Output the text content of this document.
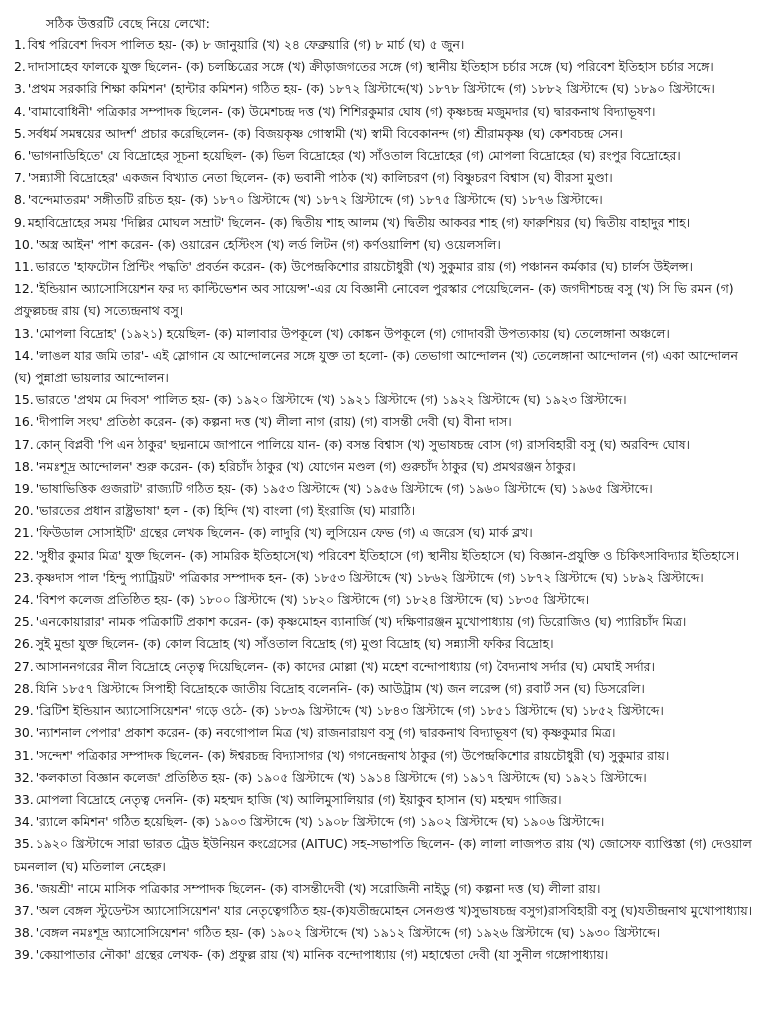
সঠিক উত্তরটি বেছে নিয়ে লেখো:
1. বিশ্ব পরিবেশ দিবস পালিত হয়- (ক) ৮ জানুয়ারি (খ) ২৪ ফেব্রুয়ারি (গ) ৮ মার্চ (ঘ) ৫ জুন।
2. দাদাসাহেব ফালকে যুক্ত ছিলেন- (ক) চলচ্চিত্রের সঙ্গে (খ) ক্রীড়াজগতের সঙ্গে (গ) স্থানীয় ইতিহাস চর্চার সঙ্গে (ঘ) পরিবেশ ইতিহাস চর্চার সঙ্গে।
3. 'প্রথম সরকারি শিক্ষা কমিশন' (হান্টার কমিশন) গঠিত হয়- (ক) ১৮৭২ খ্রিস্টাব্দে(খ) ১৮৭৮ খ্রিস্টাব্দে (গ) ১৮৮২ খ্রিস্টাব্দে (ঘ) ১৮৯০ খ্রিস্টাব্দে।
4. 'বামাবোধিনী' পত্রিকার সম্পাদক ছিলেন- (ক) উমেশচন্দ্র দত্ত (খ) শিশিরকুমার ঘোষ (গ) কৃষ্ণচন্দ্র মজুমদার (ঘ) দ্বারকনাথ বিদ্যাভূষণ।
5. সর্বধর্ম সমন্বয়ের আদর্শ' প্রচার করেছিলেন- (ক) বিজয়কৃষ্ণ গোস্বামী (খ) স্বামী বিবেকানন্দ (গ) শ্রীরামকৃষ্ণ (ঘ) কেশবচন্দ্র সেন।
6. 'ভাগনাডিহিতে' যে বিদ্রোহের সূচনা হয়েছিল- (ক) ভিল বিদ্রোহের (খ) সাঁওতাল বিদ্রোহের (গ) মোপলা বিদ্রোহের (ঘ) রংপুর বিদ্রোহের।
7. 'সন্ন্যাসী বিদ্রোহের' একজন বিখ্যাত নেতা ছিলেন- (ক) ভবানী পাঠক (খ) কালিচরণ (গ) বিষ্ণুচরণ বিশ্বাস (ঘ) বীরসা মুণ্ডা।
8. 'বন্দেমাতরম' সঙ্গীতটি রচিত হয়- (ক) ১৮৭০ খ্রিস্টাব্দে (খ) ১৮৭২ খ্রিস্টাব্দে (গ) ১৮৭৫ খ্রিস্টাব্দে (ঘ) ১৮৭৬ খ্রিস্টাব্দে।
9. মহাবিদ্রোহের সময় 'দিল্লির মোঘল সম্রাট' ছিলেন- (ক) দ্বিতীয় শাহ আলম (খ) দ্বিতীয় আকবর শাহ (গ) ফারুশিয়র (ঘ) দ্বিতীয় বাহাদুর শাহ।
10. 'অস্ত্র আইন' পাশ করেন- (ক) ওয়ারেন হেস্টিংস (খ) লর্ড লিটন (গ) কর্ণওয়ালিশ (ঘ) ওয়েলসলি।
11. ভারতে 'হাফটোন প্রিন্টিং পদ্ধতি' প্রবর্তন করেন- (ক) উপেন্দ্রকিশোর রায়চৌধুরী (খ) সুকুমার রায় (গ) পঞ্চানন কর্মকার (ঘ) চার্লস উইলন্স।
12. 'ইন্ডিয়ান অ্যাসোসিয়েশন ফর দ্য কাল্টিভেশন অব সায়েন্স'-এর যে বিজ্ঞানী নোবেল পুরস্কার পেয়েছিলেন- (ক) জগদীশচন্দ্র বসু (খ) সি ভি রমন (গ) প্রফুল্লচন্দ্র রায় (ঘ) সত্যেন্দ্রনাথ বসু।
13. 'মোপলা বিদ্রোহ' (১৯২১) হয়েছিল- (ক) মালাবার উপকূলে (খ) কোঙ্কন উপকূলে (গ) গোদাবরী উপত্যকায় (ঘ) তেলেঙ্গানা অঞ্চলে।
14. 'লাঙল যার জমি তার'- এই স্লোগান যে আন্দোলনের সঙ্গে যুক্ত তা হলো- (ক) তেভাগা আন্দোলন (খ) তেলেঙ্গানা আন্দোলন (গ) একা আন্দোলন (ঘ) পুন্নাপ্রা ভায়লার আন্দোলন।
15. ভারতে 'প্রথম মে দিবস' পালিত হয়- (ক) ১৯২০ খ্রিস্টাব্দে (খ) ১৯২১ খ্রিস্টাব্দে (গ) ১৯২২ খ্রিস্টাব্দে (ঘ) ১৯২৩ খ্রিস্টাব্দে।
16. 'দীপালি সংঘ' প্রতিষ্ঠা করেন- (ক) কল্পনা দত্ত (খ) লীলা নাগ (রায়) (গ) বাসন্তী দেবী (ঘ) বীনা দাস।
17. কোন্ বিপ্লবী 'পি এন ঠাকুর' ছদ্মনামে জাপানে পালিয়ে যান- (ক) বসন্ত বিশ্বাস (খ) সুভাষচন্দ্র বোস (গ) রাসবিহারী বসু (ঘ) অরবিন্দ ঘোষ।
18. 'নমঃশূদ্র আন্দোলন' শুরু করেন- (ক) হরিচাঁদ ঠাকুর (খ) যোগেন মণ্ডল (গ) গুরুচাঁদ ঠাকুর (ঘ) প্রমথরঞ্জন ঠাকুর।
19. 'ভাষাভিত্তিক গুজরাট' রাজ্যটি গঠিত হয়- (ক) ১৯৫৩ খ্রিস্টাব্দে (খ) ১৯৫৬ খ্রিস্টাব্দে (গ) ১৯৬০ খ্রিস্টাব্দে (ঘ) ১৯৬৫ খ্রিস্টাব্দে।
20. 'ভারতের প্রধান রাষ্ট্রভাষা' হল - (ক) হিন্দি (খ) বাংলা (গ) ইংরাজি (ঘ) মারাঠি।
21. 'ফিউডাল সোসাইটি' গ্রন্থের লেখক ছিলেন- (ক) লাদুরি (খ) লুসিয়েন ফেভ (গ) এ জরেস (ঘ) মার্ক ব্লখ।
22. 'সুধীর কুমার মিত্র' যুক্ত ছিলেন- (ক) সামরিক ইতিহাসে(খ) পরিবেশ ইতিহাসে (গ) স্থানীয় ইতিহাসে (ঘ) বিজ্ঞান-প্রযুক্তি ও চিকিৎসাবিদ্যার ইতিহাসে।
23. কৃষ্ণদাস পাল 'হিন্দু প্যাট্রিয়ট' পত্রিকার সম্পাদক হন- (ক) ১৮৫৩ খ্রিস্টাব্দে (খ) ১৮৬২ খ্রিস্টাব্দে (গ) ১৮৭২ খ্রিস্টাব্দে (ঘ) ১৮৯২ খ্রিস্টাব্দে।
24. 'বিশপ কলেজ প্রতিষ্ঠিত হয়- (ক) ১৮০০ খ্রিস্টাব্দে (খ) ১৮২০ খ্রিস্টাব্দে (গ) ১৮২৪ খ্রিস্টাব্দে (ঘ) ১৮৩৫ খ্রিস্টাব্দে।
25. 'এনকোয়ারার' নামক পত্রিকাটি প্রকাশ করেন- (ক) কৃষ্ণমোহন ব্যানার্জি (খ) দক্ষিণারঞ্জন মুখোপাধ্যায় (গ) ডিরোজিও (ঘ) প্যারিচাঁদ মিত্র।
26. সুই মুন্ডা যুক্ত ছিলেন- (ক) কোল বিদ্রোহ (খ) সাঁওতাল বিদ্রোহ (গ) মুণ্ডা বিদ্রোহ (ঘ) সন্ন্যাসী ফকির বিদ্রোহ।
27. আসাননগরের নীল বিদ্রোহে নেতৃত্ব দিয়েছিলেন- (ক) কাদের মোল্লা (খ) মহেশ বন্দোপাধ্যায় (গ) বৈদ্যনাথ সর্দার (ঘ) মেঘাই সর্দার।
28. যিনি ১৮৫৭ খ্রিস্টাব্দে সিপাহী বিদ্রোহকে জাতীয় বিদ্রোহ বলেননি- (ক) আউট্রাম (খ) জন লরেন্স (গ) রবার্ট সন (ঘ) ডিসরেলি।
29. 'ব্রিটিশ ইন্ডিয়ান অ্যাসোসিয়েশন' গড়ে ওঠে- (ক) ১৮৩৯ খ্রিস্টাব্দে (খ) ১৮৪৩ খ্রিস্টাব্দে (গ) ১৮৫১ খ্রিস্টাব্দে (ঘ) ১৮৫২ খ্রিস্টাব্দে।
30. 'ন্যাশনাল পেপার' প্রকাশ করেন- (ক) নবগোপাল মিত্র (খ) রাজনারায়ণ বসু (গ) দ্বারকনাথ বিদ্যাভূষণ (ঘ) কৃষ্ণকুমার মিত্র।
31. 'সন্দেশ' পত্রিকার সম্পাদক ছিলেন- (ক) ঈশ্বরচন্দ্র বিদ্যাসাগর (খ) গগনেন্দ্রনাথ ঠাকুর (গ) উপেন্দ্রকিশোর রায়চৌধুরী (ঘ) সুকুমার রায়।
32. 'কলকাতা বিজ্ঞান কলেজ' প্রতিষ্ঠিত হয়- (ক) ১৯০৫ খ্রিস্টাব্দে (খ) ১৯১৪ খ্রিস্টাব্দে (গ) ১৯১৭ খ্রিস্টাব্দে (ঘ) ১৯২১ খ্রিস্টাব্দে।
33. মোপলা বিদ্রোহে নেতৃত্ব দেননি- (ক) মহম্মদ হাজি (খ) আলিমুসালিয়ার (গ) ইয়াকুব হাসান (ঘ) মহম্মদ গাজির।
34. 'র‍্যালে কমিশন' গঠিত হয়েছিল- (ক) ১৯০৩ খ্রিস্টাব্দে (খ) ১৯০৮ খ্রিস্টাব্দে (গ) ১৯০২ খ্রিস্টাব্দে (ঘ) ১৯০৬ খ্রিস্টাব্দে।
35. ১৯২০ খ্রিস্টাব্দে সারা ভারত ট্রেড ইউনিয়ন কংগ্রেসের (AITUC) সহ-সভাপতি ছিলেন- (ক) লালা লাজপত রায় (খ) জোসেফ ব্যাপ্তিস্তা (গ) দেওয়াল চমনলাল (ঘ) মতিলাল নেহেরু।
36. 'জয়শ্রী' নামে মাসিক পত্রিকার সম্পাদক ছিলেন- (ক) বাসন্তীদেবী (খ) সরোজিনী নাইডু (গ) কল্পনা দত্ত (ঘ) লীলা রায়।
37. 'অল বেঙ্গল স্টুডেন্টস অ্যাসোসিয়েশন' যার নেতৃত্বেগঠিত হয়-(ক)যতীন্দ্রমোহন সেনগুপ্ত খ)সুভাষচন্দ্র বসুগ)রাসবিহারী বসু (ঘ)যতীন্দ্রনাথ মুখোপাধ্যায়।
38. 'বেঙ্গল নমঃশূদ্র অ্যাসোসিয়েশন' গঠিত হয়- (ক) ১৯০২ খ্রিস্টাব্দে (খ) ১৯১২ খ্রিস্টাব্দে (গ) ১৯২৬ খ্রিস্টাব্দে (ঘ) ১৯৩০ খ্রিস্টাব্দে।
39. 'কেয়াপাতার নৌকা' গ্রন্থের লেখক- (ক) প্রফুল্ল রায় (খ) মানিক বন্দোপাধ্যায় (গ) মহাশ্বেতা দেবী (যা সুনীল গঙ্গোপাধ্যায়।
